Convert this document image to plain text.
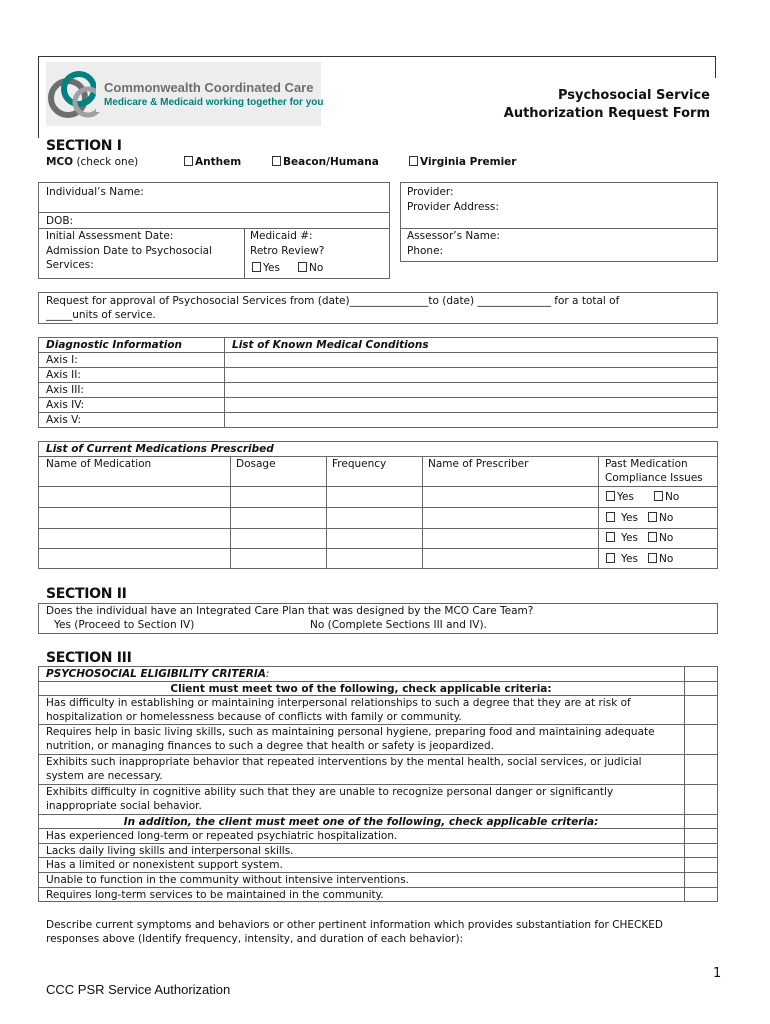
Commonwealth Coordinated Care
Medicare & Medicaid working together for you	Psychosocial Service
Authorization Request Form
SECTION I
MCO (check one)	Anthem	Beacon/Humana	Virginia Premier
Individual’s Name:
DOB:
Initial Assessment Date:
Admission Date to Psychosocial
Services:
Medicaid #:
Retro Review?
Yes	No
Provider:
Provider Address:
Assessor’s Name:
Phone:
Request for approval of Psychosocial Services from (date)_______________to (date) ______________ for a total of
_____units of service.
Diagnostic Information	List of Known Medical Conditions
Axis I:
Axis II:
Axis III:
Axis IV:
Axis V:
List of Current Medications Prescribed
Name of Medication	Dosage	Frequency	Name of Prescriber	Past Medication
Compliance Issues
Yes	No
Yes	No
Yes	No
Yes	No
SECTION II
Does the individual have an Integrated Care Plan that was designed by the MCO Care Team?
Yes (Proceed to Section IV)	No (Complete Sections III and IV).
SECTION III
PSYCHOSOCIAL ELIGIBILITY CRITERIA:
Client must meet two of the following, check applicable criteria:
Has difficulty in establishing or maintaining interpersonal relationships to such a degree that they are at risk of
hospitalization or homelessness because of conflicts with family or community.
Requires help in basic living skills, such as maintaining personal hygiene, preparing food and maintaining adequate
nutrition, or managing finances to such a degree that health or safety is jeopardized.
Exhibits such inappropriate behavior that repeated interventions by the mental health, social services, or judicial
system are necessary.
Exhibits difficulty in cognitive ability such that they are unable to recognize personal danger or significantly
inappropriate social behavior.
In addition, the client must meet one of the following, check applicable criteria:
Has experienced long-term or repeated psychiatric hospitalization.
Lacks daily living skills and interpersonal skills.
Has a limited or nonexistent support system.
Unable to function in the community without intensive interventions.
Requires long-term services to be maintained in the community.
Describe current symptoms and behaviors or other pertinent information which provides substantiation for CHECKED
responses above (Identify frequency, intensity, and duration of each behavior):
1
CCC PSR Service Authorization
